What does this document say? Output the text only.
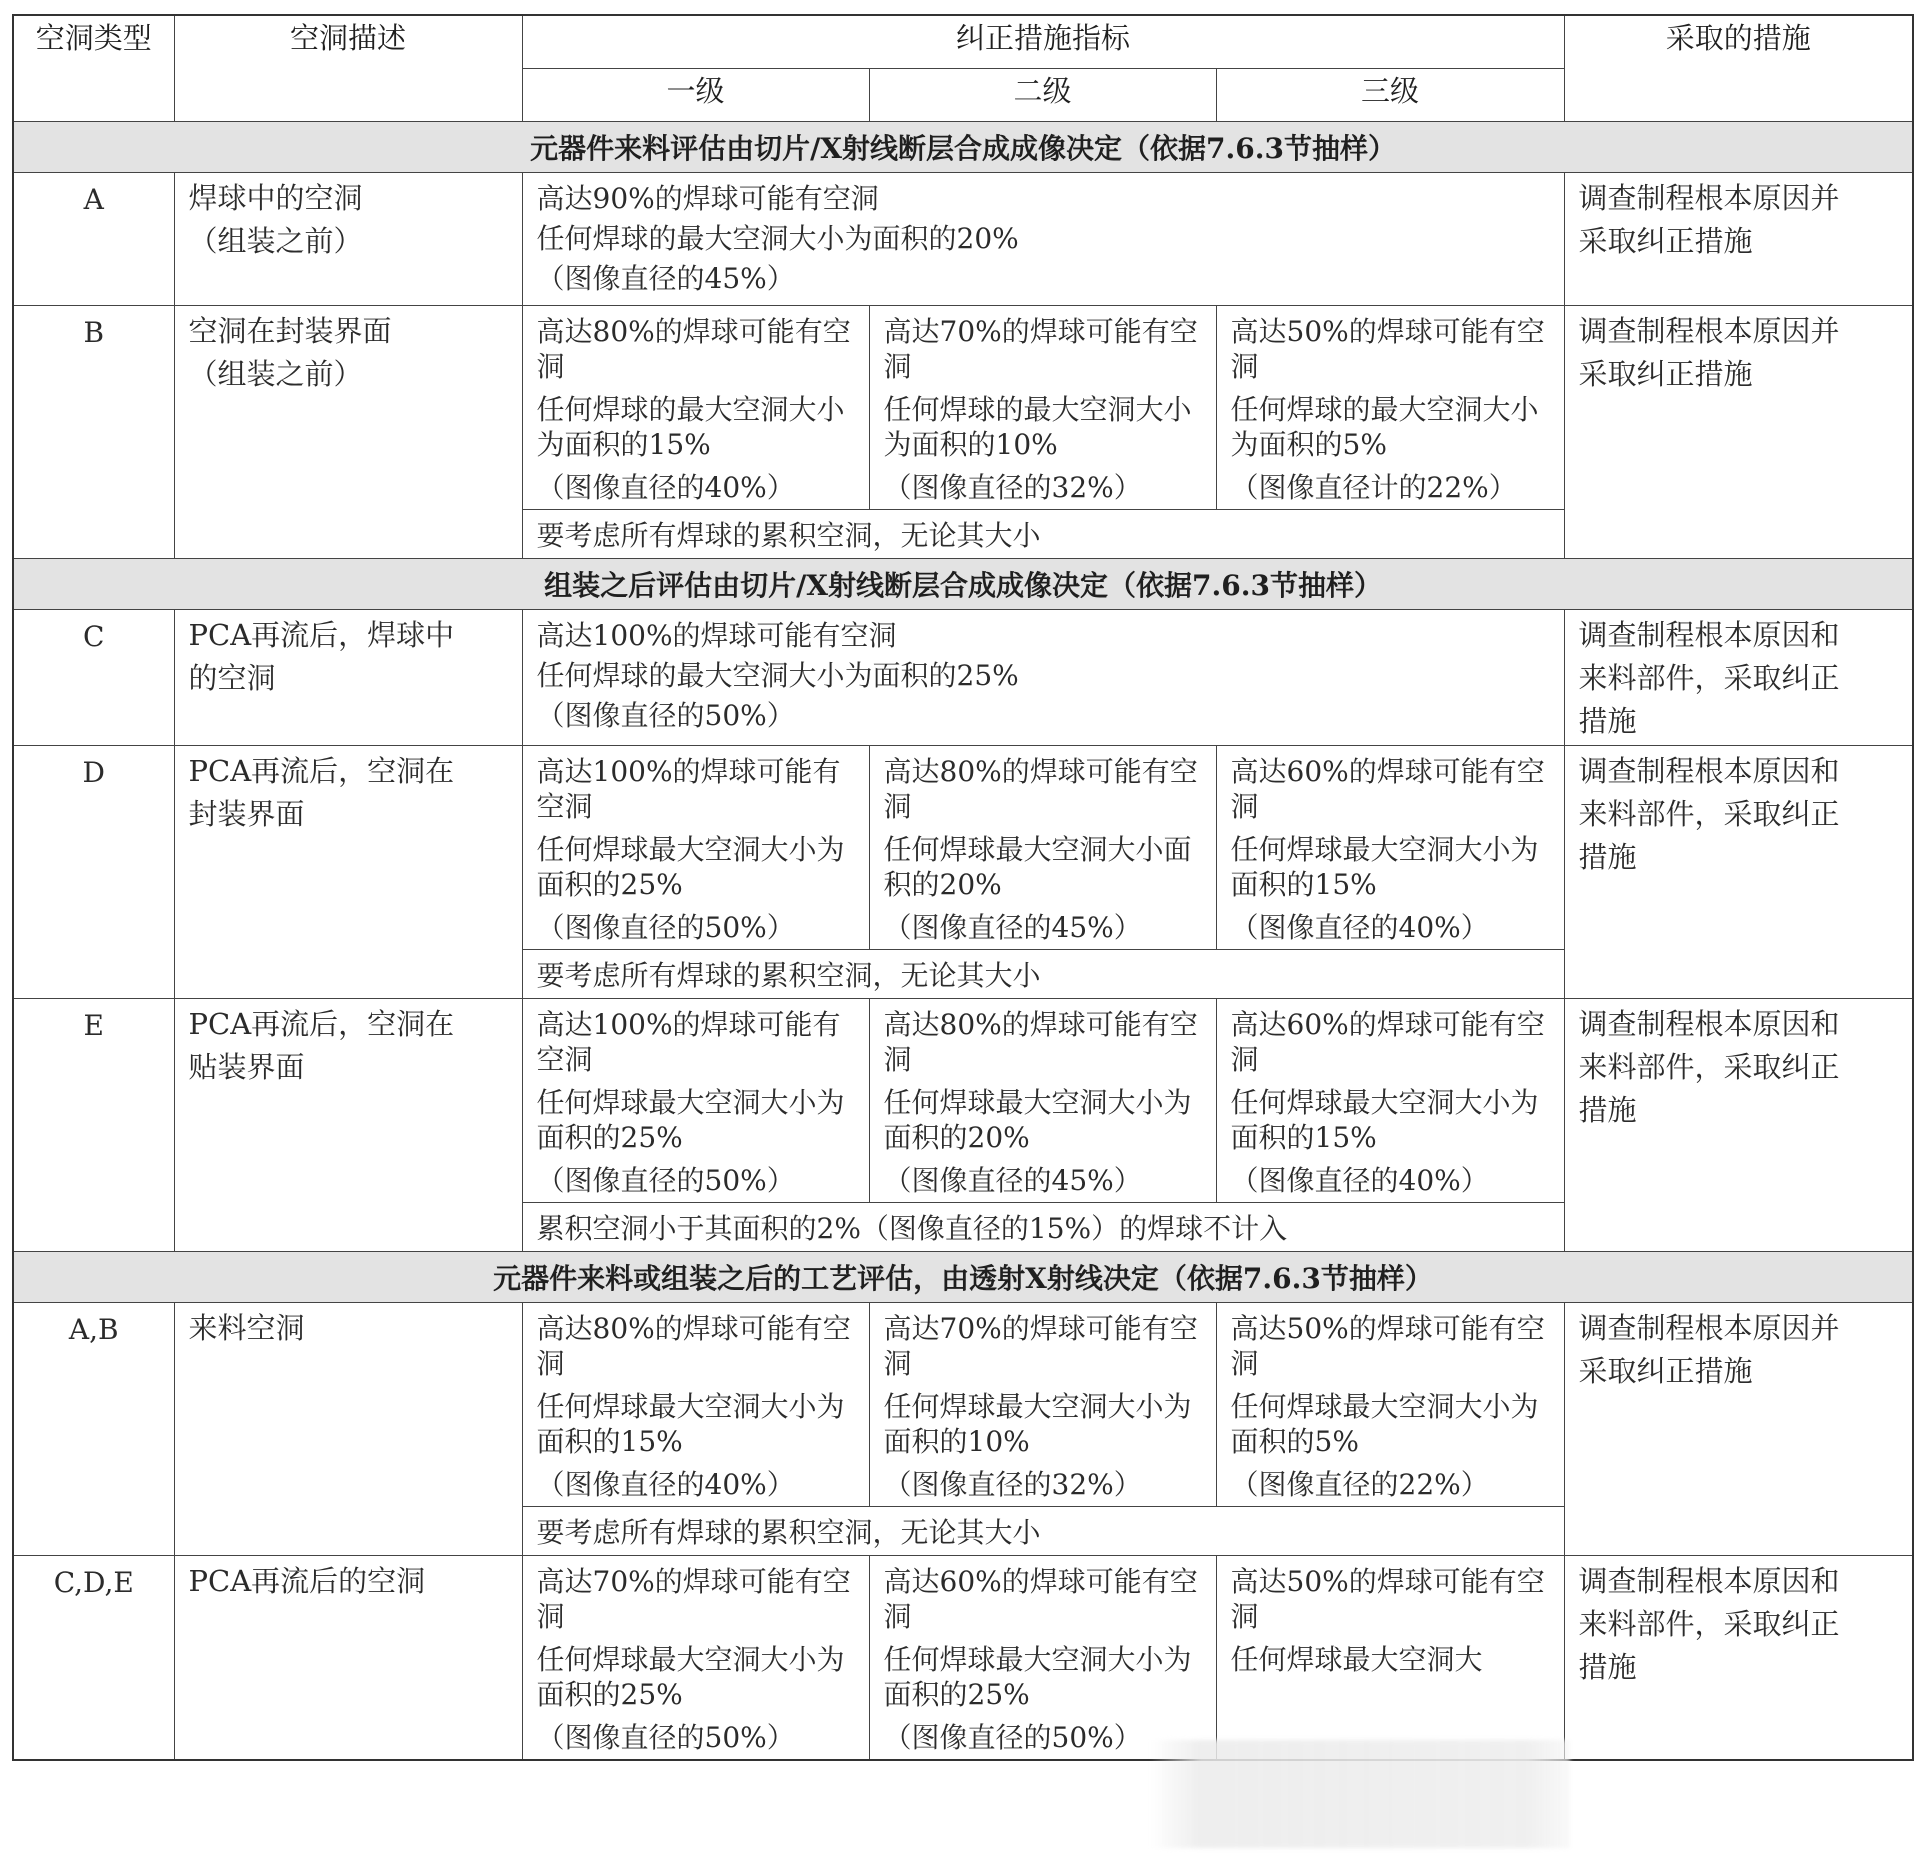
空洞类型	空洞描述	纠正措施指标			采取的措施
		一级	二级	三级	
元器件来料评估由切片/X射线断层合成成像决定（依据7.6.3节抽样）					
A	焊球中的空洞
（组装之前）	高达90%的焊球可能有空洞
任何焊球的最大空洞大小为面积的20%
（图像直径的45%）			调查制程根本原因并
采取纠正措施

B	空洞在封装界面
（组装之前）	高达80%的焊球可能有空洞
任何焊球的最大空洞大小为面积的15%
（图像直径的40%）	高达70%的焊球可能有空洞
任何焊球的最大空洞大小为面积的10%
（图像直径的32%）	高达50%的焊球可能有空洞
任何焊球的最大空洞大小为面积的5%
（图像直径计的22%）	调查制程根本原因并
采取纠正措施

		要考虑所有焊球的累积空洞，无论其大小			
组装之后评估由切片/X射线断层合成成像决定（依据7.6.3节抽样）					
C	PCA再流后，焊球中
的空洞	高达100%的焊球可能有空洞
任何焊球的最大空洞大小为面积的25%
（图像直径的50%）			调查制程根本原因和
来料部件，采取纠正
措施

D	PCA再流后，空洞在
封装界面	高达100%的焊球可能有空洞
任何焊球最大空洞大小为面积的25%
（图像直径的50%）	高达80%的焊球可能有空洞
任何焊球最大空洞大小面积的20%
（图像直径的45%）	高达60%的焊球可能有空洞
任何焊球最大空洞大小为面积的15%
（图像直径的40%）	调查制程根本原因和
来料部件，采取纠正
措施

		要考虑所有焊球的累积空洞，无论其大小			
E	PCA再流后，空洞在
贴装界面	高达100%的焊球可能有空洞
任何焊球最大空洞大小为面积的25%
（图像直径的50%）	高达80%的焊球可能有空洞
任何焊球最大空洞大小为面积的20%
（图像直径的45%）	高达60%的焊球可能有空洞
任何焊球最大空洞大小为面积的15%
（图像直径的40%）	调查制程根本原因和
来料部件，采取纠正
措施

		累积空洞小于其面积的2%（图像直径的15%）的焊球不计入			
元器件来料或组装之后的工艺评估，由透射X射线决定（依据7.6.3节抽样）					
A,B	来料空洞	高达80%的焊球可能有空洞
任何焊球最大空洞大小为面积的15%
（图像直径的40%）	高达70%的焊球可能有空洞
任何焊球最大空洞大小为面积的10%
（图像直径的32%）	高达50%的焊球可能有空洞
任何焊球最大空洞大小为面积的5%
（图像直径的22%）	调查制程根本原因并
采取纠正措施

		要考虑所有焊球的累积空洞，无论其大小			
C,D,E	PCA再流后的空洞	高达70%的焊球可能有空洞
任何焊球最大空洞大小为面积的25%
（图像直径的50%）	高达60%的焊球可能有空洞
任何焊球最大空洞大小为面积的25%
（图像直径的50%）	高达50%的焊球可能有空洞
任何焊球最大空洞大	调查制程根本原因和
来料部件，采取纠正
措施
